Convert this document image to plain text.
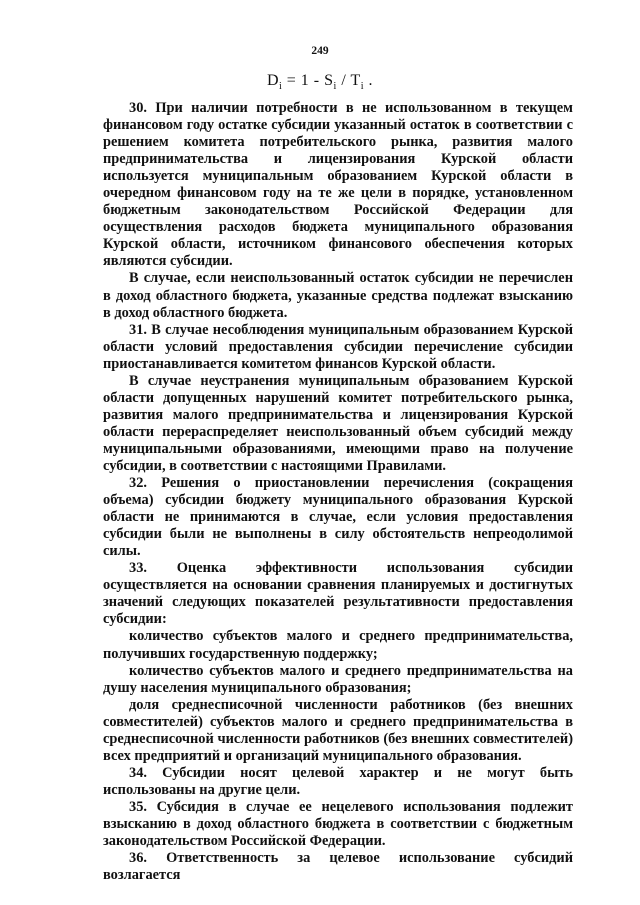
249
$D_i = 1 - S_i / T_i$ .

30. При наличии потребности в не использованном в текущем финансовом году остатке субсидии указанный остаток в соответствии с решением комитета потребительского рынка, развития малого предпринимательства и лицензирования Курской области используется муниципальным образованием Курской области в очередном финансовом году на те же цели в порядке, установленном бюджетным законодательством Российской Федерации для осуществления расходов бюджета муниципального образования Курской области, источником финансового обеспечения которых являются субсидии.

В случае, если неиспользованный остаток субсидии не перечислен в доход областного бюджета, указанные средства подлежат взысканию в доход областного бюджета.

31. В случае несоблюдения муниципальным образованием Курской области условий предоставления субсидии перечисление субсидии приостанавливается комитетом финансов Курской области.

В случае неустранения муниципальным образованием Курской области допущенных нарушений комитет потребительского рынка, развития малого предпринимательства и лицензирования Курской области перераспределяет неиспользованный объем субсидий между муниципальными образованиями, имеющими право на получение субсидии, в соответствии с настоящими Правилами.

32. Решения о приостановлении перечисления (сокращения объема) субсидии бюджету муниципального образования Курской области не принимаются в случае, если условия предоставления субсидии были не выполнены в силу обстоятельств непреодолимой силы.

33. Оценка эффективности использования субсидии осуществляется на основании сравнения планируемых и достигнутых значений следующих показателей результативности предоставления субсидии:

количество субъектов малого и среднего предпринимательства, получивших государственную поддержку;

количество субъектов малого и среднего предпринимательства на душу населения муниципального образования;

доля среднесписочной численности работников (без внешних совместителей) субъектов малого и среднего предпринимательства в среднесписочной численности работников (без внешних совместителей) всех предприятий и организаций муниципального образования.

34. Субсидии носят целевой характер и не могут быть использованы на другие цели.

35. Субсидия в случае ее нецелевого использования подлежит взысканию в доход областного бюджета в соответствии с бюджетным законодательством Российской Федерации.

36. Ответственность за целевое использование субсидий возлагается
